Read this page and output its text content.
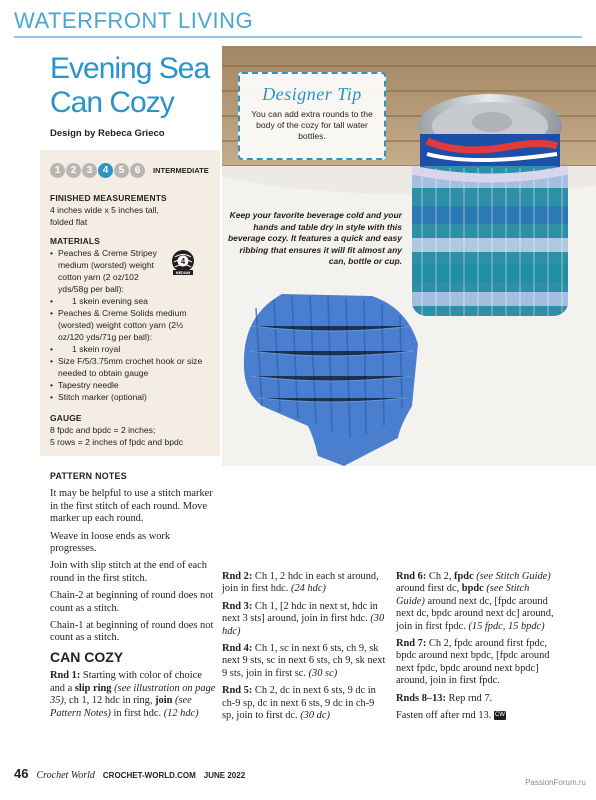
WATERFRONT LIVING
Evening Sea Can Cozy
Design by Rebeca Grieco
1	2	3	4	5	6	INTERMEDIATE
FINISHED MEASUREMENTS
4 inches wide x 5 inches tall, folded flat
MATERIALS
• Peaches & Creme Stripey medium (worsted) weight cotton yarn (2 oz/102 yds/58g per ball):
• 1 skein evening sea
• Peaches & Creme Solids medium (worsted) weight cotton yarn (2½ oz/120 yds/71g per ball):
• 1 skein royal
• Size F/5/3.75mm crochet hook or size needed to obtain gauge
• Tapestry needle
• Stitch marker (optional)
4
MEDIUM
GAUGE
8 fpdc and bpdc = 2 inches;
5 rows = 2 inches of fpdc and bpdc
Designer Tip
You can add extra rounds to the body of the cozy for tall water bottles.
Keep your favorite beverage cold and your hands and table dry in style with this beverage cozy. It features a quick and easy ribbing that ensures it will fit almost any can, bottle or cup.
PATTERN NOTES

It may be helpful to use a stitch marker in the first stitch of each round. Move marker up each round.

Weave in loose ends as work progresses.

Join with slip stitch at the end of each round in the first stitch.

Chain-2 at beginning of round does not count as a stitch.

Chain-1 at beginning of round does not count as a stitch.

CAN COZY

Rnd 1: Starting with color of choice and a slip ring (see illustration on page 35), ch 1, 12 hdc in ring, join (see Pattern Notes) in first hdc. (12 hdc)

Rnd 2: Ch 1, 2 hdc in each st around, join in first hdc. (24 hdc)

Rnd 3: Ch 1, [2 hdc in next st, hdc in next 3 sts] around, join in first hdc. (30 hdc)

Rnd 4: Ch 1, sc in next 6 sts, ch 9, sk next 9 sts, sc in next 6 sts, ch 9, sk next 9 sts, join in first sc. (30 sc)

Rnd 5: Ch 2, dc in next 6 sts, 9 dc in ch-9 sp, dc in next 6 sts, 9 dc in ch-9 sp, join to first dc. (30 dc)

Rnd 6: Ch 2, fpdc (see Stitch Guide) around first dc, bpdc (see Stitch Guide) around next dc, [fpdc around next dc, bpdc around next dc] around, join in first fpdc. (15 fpdc, 15 bpdc)

Rnd 7: Ch 2, fpdc around first fpdc, bpdc around next bpdc, [fpdc around next fpdc, bpdc around next bpdc] around, join in first fpdc.

Rnds 8–13: Rep rnd 7.

Fasten off after rnd 13. CW

46 Crochet World CROCHET-WORLD.COM JUNE 2022
PassionForum.ru
